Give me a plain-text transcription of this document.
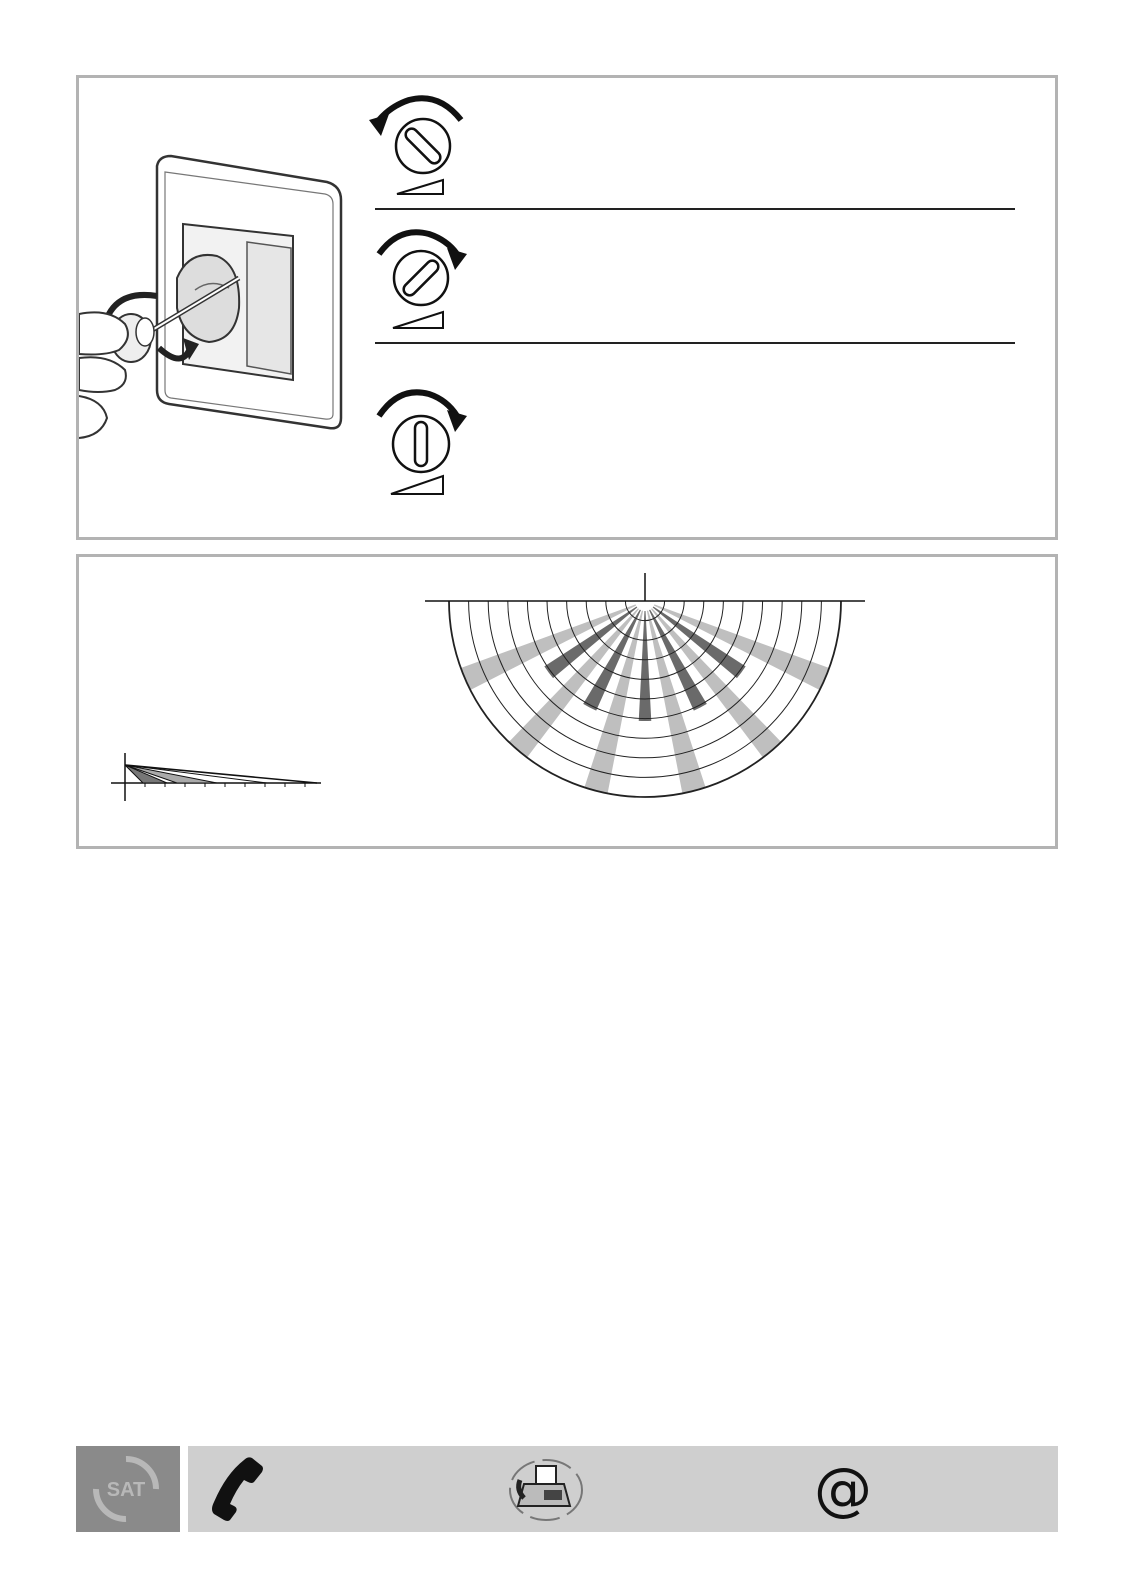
SAT	@
